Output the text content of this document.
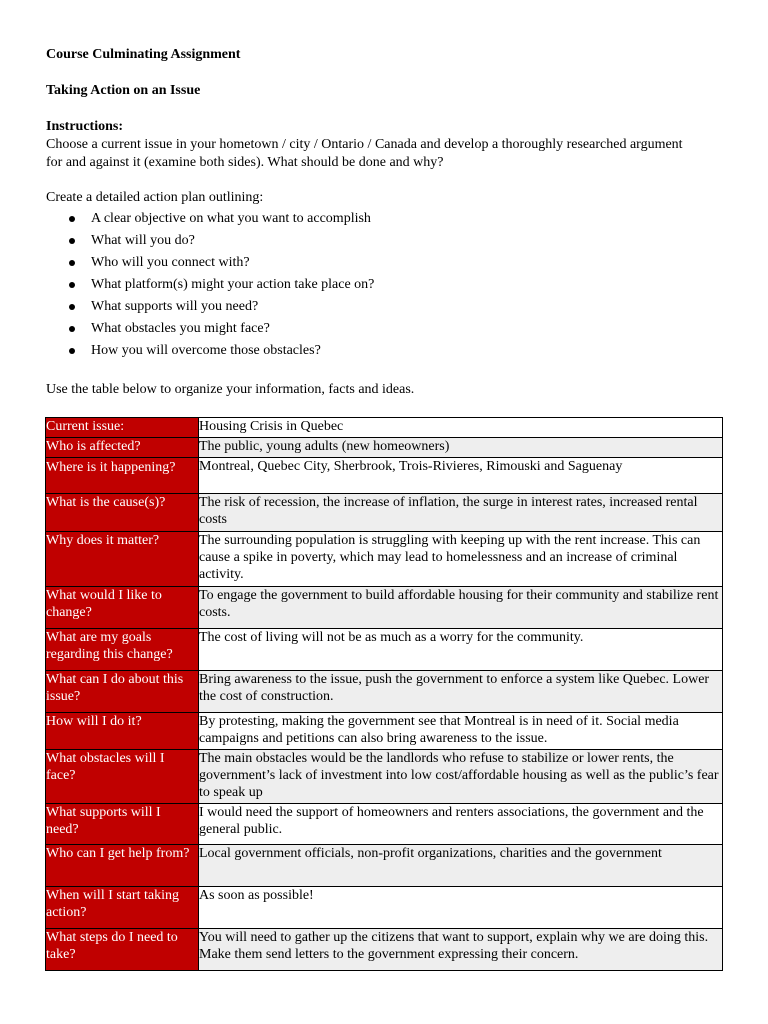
Course Culminating Assignment
Taking Action on an Issue
Instructions:
Choose a current issue in your hometown / city / Ontario / Canada and develop a thoroughly researched argument for and against it (examine both sides). What should be done and why?
Create a detailed action plan outlining:
A clear objective on what you want to accomplish
What will you do?
Who will you connect with?
What platform(s) might your action take place on?
What supports will you need?
What obstacles you might face?
How you will overcome those obstacles?
Use the table below to organize your information, facts and ideas.
Current issue:	Housing Crisis in Quebec
Who is affected?	The public, young adults (new homeowners)
Where is it happening?	Montreal, Quebec City, Sherbrook, Trois-Rivieres, Rimouski and Saguenay
What is the cause(s)?	The risk of recession, the increase of inflation, the surge in interest rates, increased rental costs
Why does it matter?	The surrounding population is struggling with keeping up with the rent increase. This can cause a spike in poverty, which may lead to homelessness and an increase of criminal activity.
What would I like to change?	To engage the government to build affordable housing for their community and stabilize rent costs.
What are my goals regarding this change?	The cost of living will not be as much as a worry for the community.
What can I do about this issue?	Bring awareness to the issue, push the government to enforce a system like Quebec. Lower the cost of construction.
How will I do it?	By protesting, making the government see that Montreal is in need of it. Social media campaigns and petitions can also bring awareness to the issue.
What obstacles will I face?	The main obstacles would be the landlords who refuse to stabilize or lower rents, the government’s lack of investment into low cost/affordable housing as well as the public’s fear to speak up
What supports will I need?	I would need the support of homeowners and renters associations, the government and the general public.
Who can I get help from?	Local government officials, non-profit organizations, charities and the government
When will I start taking action?	As soon as possible!
What steps do I need to take?	You will need to gather up the citizens that want to support, explain why we are doing this. Make them send letters to the government expressing their concern.
